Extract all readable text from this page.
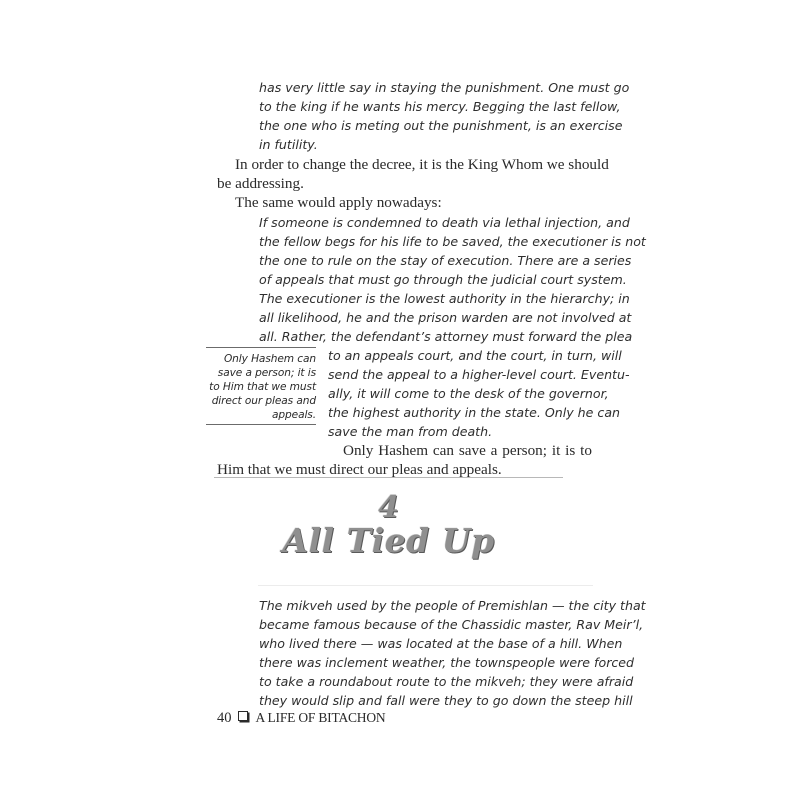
has very little say in staying the punishment. One must go
to the king if he wants his mercy. Begging the last fellow,
the one who is meting out the punishment, is an exercise
in futility.
In order to change the decree, it is the King Whom we should
be addressing.
The same would apply nowadays:
If someone is condemned to death via lethal injection, and
the fellow begs for his life to be saved, the executioner is not
the one to rule on the stay of execution. There are a series
of appeals that must go through the judicial court system.
The executioner is the lowest authority in the hierarchy; in
all likelihood, he and the prison warden are not involved at
all. Rather, the defendant’s attorney must forward the plea
to an appeals court, and the court, in turn, will
send the appeal to a higher-level court. Eventu-
ally, it will come to the desk of the governor,
the highest authority in the state. Only he can
save the man from death.
Only Hashem can
save a person; it is
to Him that we must
direct our pleas and
appeals.
Only Hashem can save a person; it is to
Him that we must direct our pleas and appeals.
4
All Tied Up
The mikveh used by the people of Premishlan — the city that
became famous because of the Chassidic master, Rav Meir’l,
who lived there — was located at the base of a hill. When
there was inclement weather, the townspeople were forced
to take a roundabout route to the mikveh; they were afraid
they would slip and fall were they to go down the steep hill
40 A LIFE OF BITACHON
